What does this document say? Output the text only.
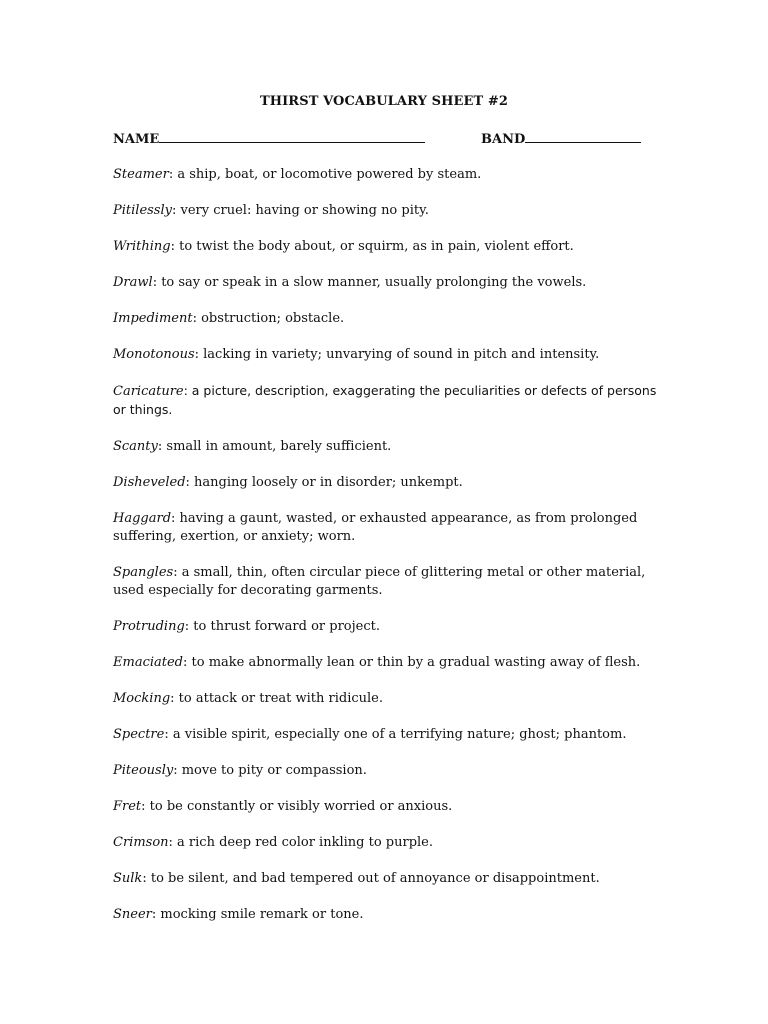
THIRST VOCABULARY SHEET #2
NAME	BAND
Steamer: a ship, boat, or locomotive powered by steam.
Pitilessly: very cruel: having or showing no pity.
Writhing: to twist the body about, or squirm, as in pain, violent effort.
Drawl: to say or speak in a slow manner, usually prolonging the vowels.
Impediment: obstruction; obstacle.
Monotonous: lacking in variety; unvarying of sound in pitch and intensity.
Caricature: a picture, description, exaggerating the peculiarities or defects of persons or things.
Scanty: small in amount, barely sufficient.
Disheveled: hanging loosely or in disorder; unkempt.
Haggard: having a gaunt, wasted, or exhausted appearance, as from prolonged suffering, exertion, or anxiety; worn.
Spangles: a small, thin, often circular piece of glittering metal or other material, used especially for decorating garments.
Protruding: to thrust forward or project.
Emaciated: to make abnormally lean or thin by a gradual wasting away of flesh.
Mocking: to attack or treat with ridicule.
Spectre: a visible spirit, especially one of a terrifying nature; ghost; phantom.
Piteously: move to pity or compassion.
Fret: to be constantly or visibly worried or anxious.
Crimson: a rich deep red color inkling to purple.
Sulk: to be silent, and bad tempered out of annoyance or disappointment.
Sneer: mocking smile remark or tone.
